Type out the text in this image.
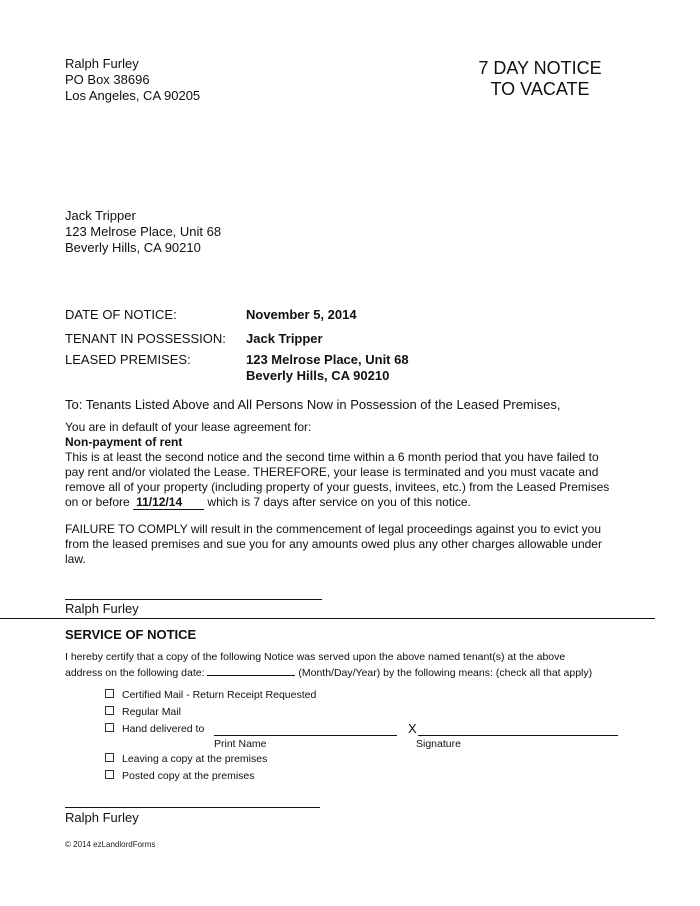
Ralph Furley
PO Box 38696
Los Angeles, CA 90205
7 DAY NOTICE
TO VACATE
Jack Tripper
123 Melrose Place, Unit 68
Beverly Hills, CA 90210
DATE OF NOTICE:	November 5, 2014
TENANT IN POSSESSION: Jack Tripper
LEASED PREMISES:	123 Melrose Place, Unit 68
Beverly Hills, CA 90210
To: Tenants Listed Above and All Persons Now in Possession of the Leased Premises,
You are in default of your lease agreement for:
Non-payment of rent
This is at least the second notice and the second time within a 6 month period that you have failed to
pay rent and/or violated the Lease. THEREFORE, your lease is terminated and you must vacate and
remove all of your property (including property of your guests, invitees, etc.) from the Leased Premises
on or before 11/12/14 which is 7 days after service on you of this notice.
FAILURE TO COMPLY will result in the commencement of legal proceedings against you to evict you
from the leased premises and sue you for any amounts owed plus any other charges allowable under
law.
Ralph Furley
SERVICE OF NOTICE
I hereby certify that a copy of the following Notice was served upon the above named tenant(s) at the above
address on the following date:	(Month/Day/Year) by the following means: (check all that apply)
Certified Mail - Return Receipt Requested
Regular Mail
Hand delivered to	X
Print Name	Signature
Leaving a copy at the premises
Posted copy at the premises
Ralph Furley
© 2014 ezLandlordForms
